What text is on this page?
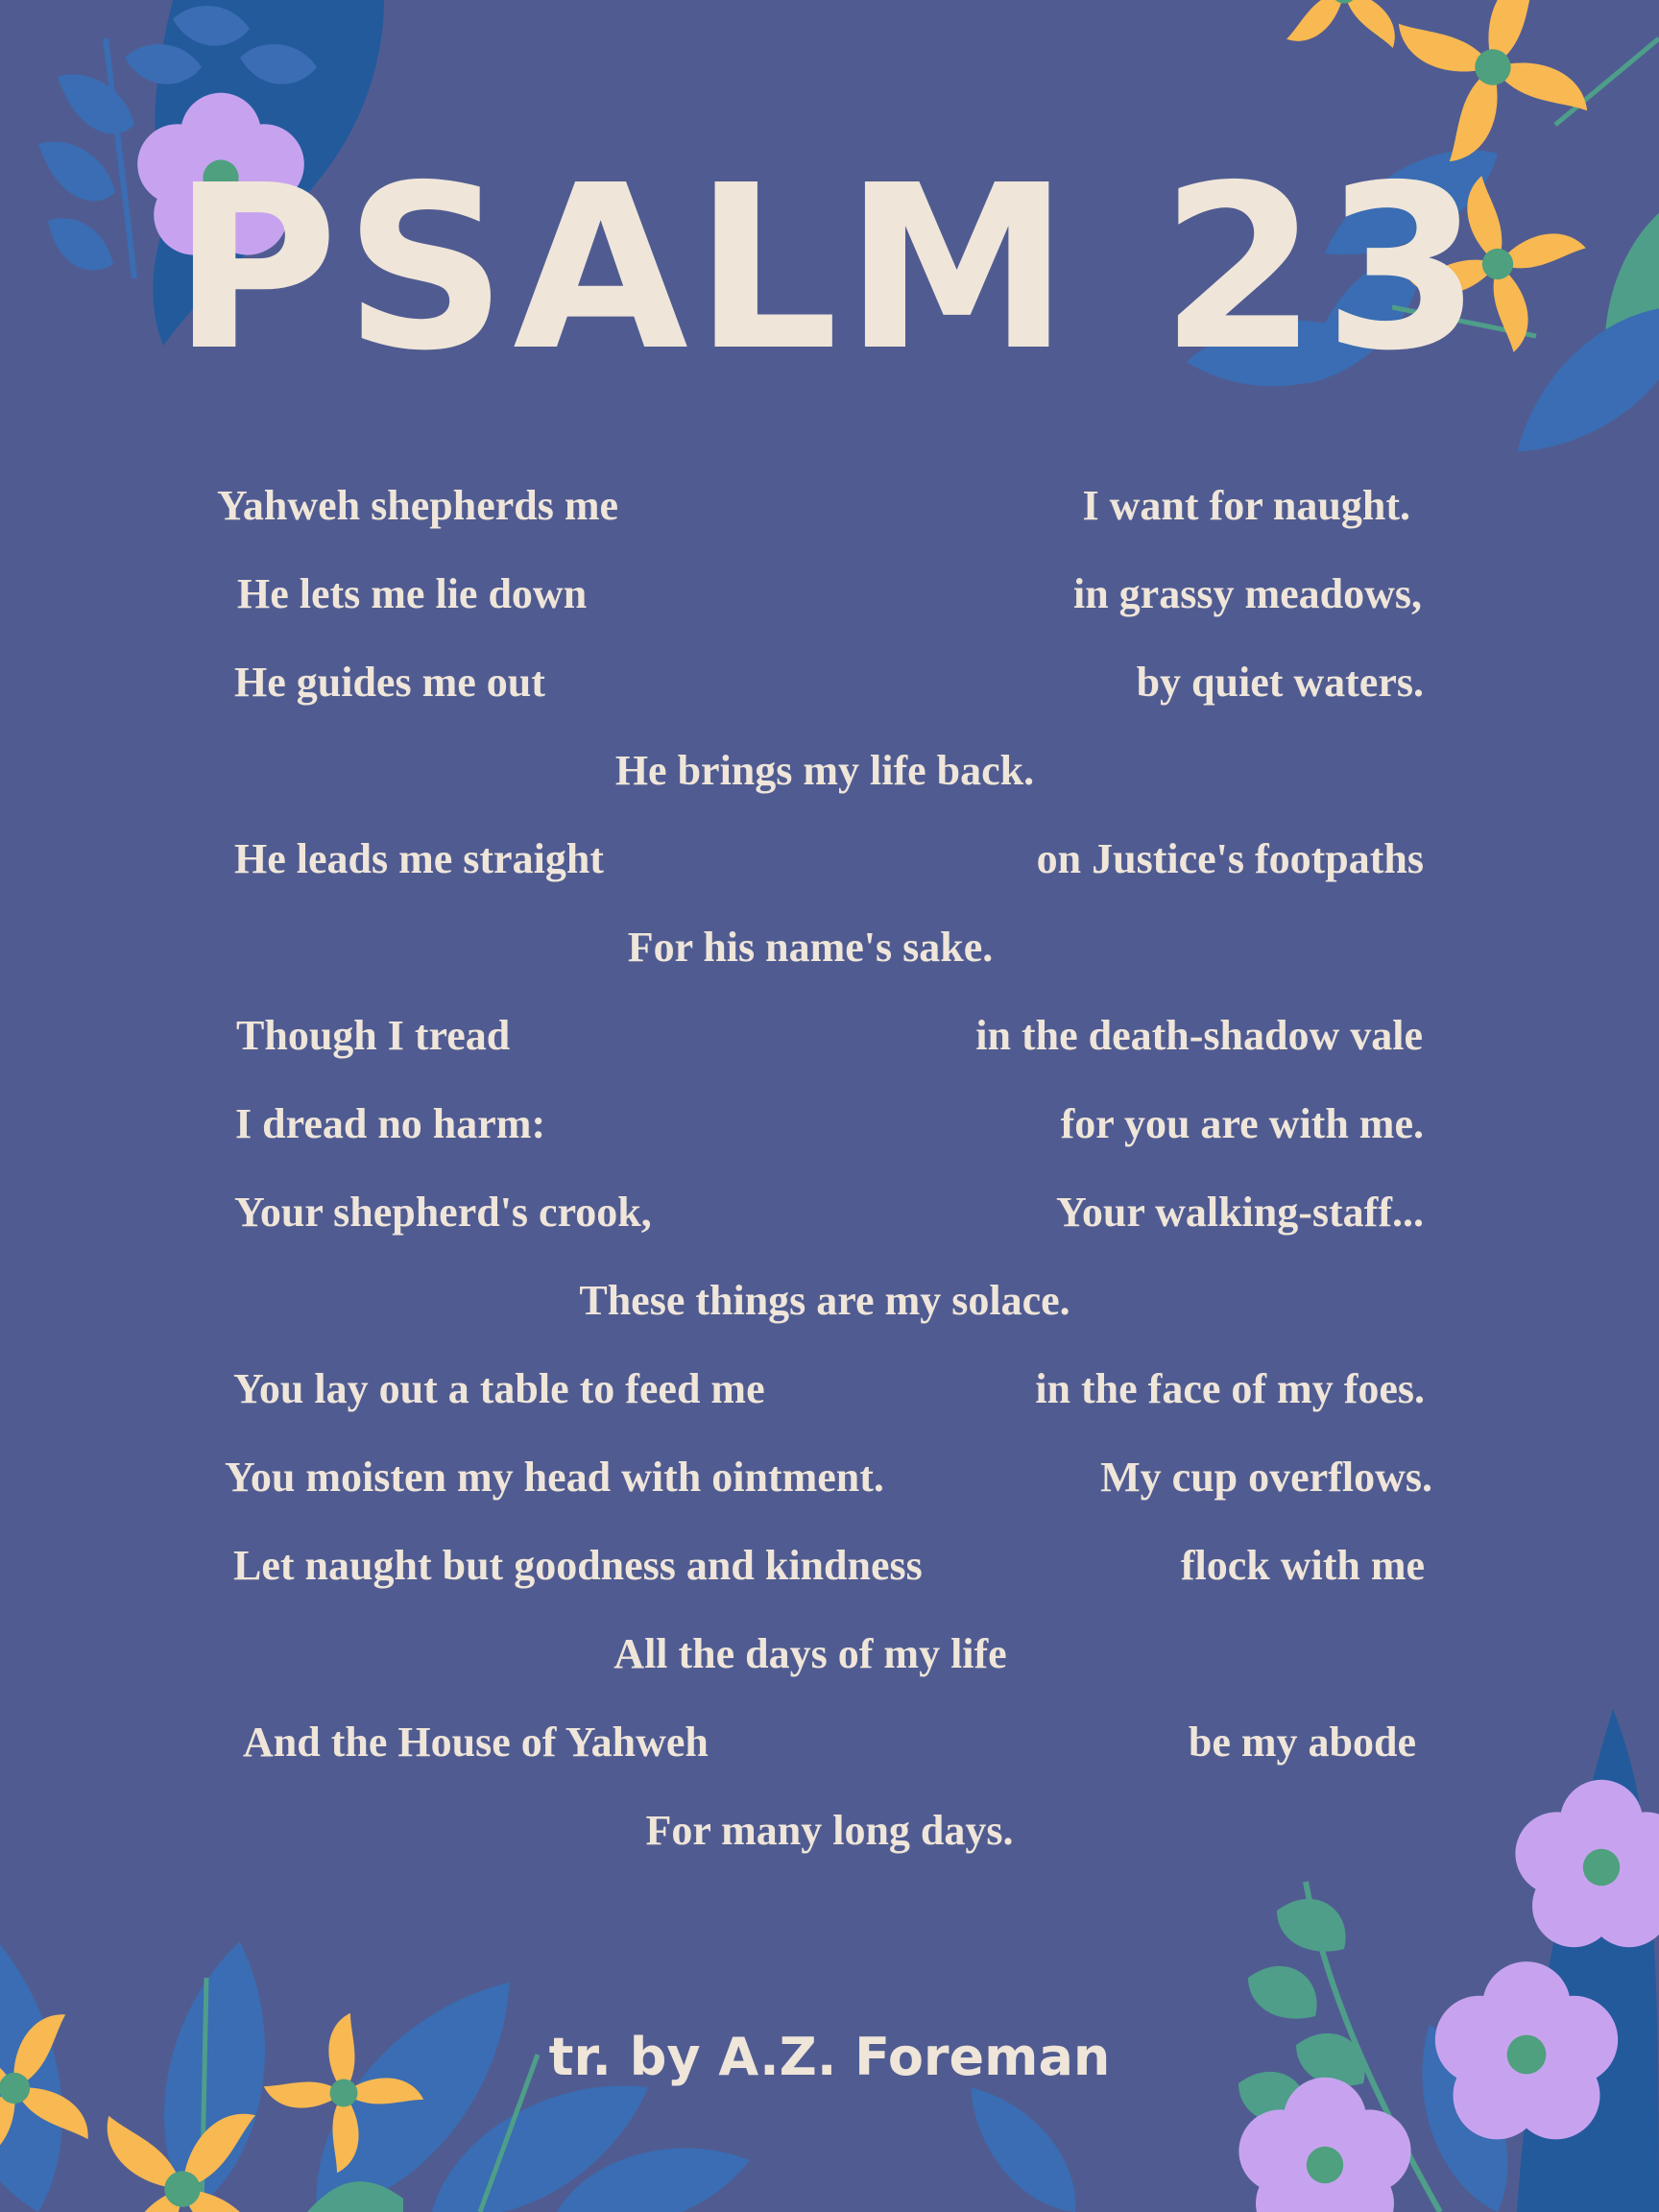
PSALM 23

Yahweh shepherds me	I want for naught.

He lets me lie down	in grassy meadows,

He guides me out	by quiet waters.

He brings my life back.

He leads me straight	on Justice's footpaths

For his name's sake.

Though I tread	in the death-shadow vale

I dread no harm:	for you are with me.

Your shepherd's crook,	Your walking-staff...

These things are my solace.

You lay out a table to feed me	in the face of my foes.

You moisten my head with ointment.	My cup overflows.

Let naught but goodness and kindness	flock with me

All the days of my life

And the House of Yahweh	be my abode

For many long days.

tr. by A.Z. Foreman
